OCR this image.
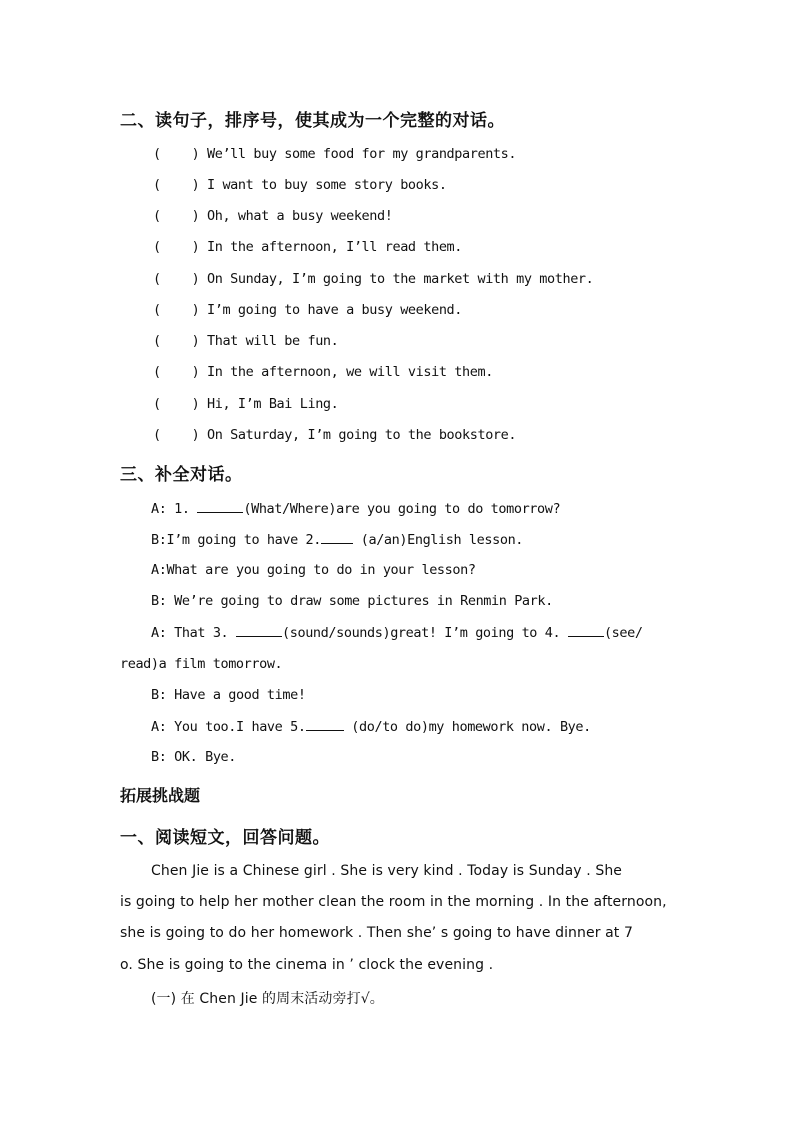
二、读句子，排序号，使其成为一个完整的对话。
( ) We’ll buy some food for my grandparents.
( ) I want to buy some story books.
( ) Oh, what a busy weekend!
( ) In the afternoon, I’ll read them.
( ) On Sunday, I’m going to the market with my mother.
( ) I’m going to have a busy weekend.
( ) That will be fun.
( ) In the afternoon, we will visit them.
( ) Hi, I’m Bai Ling.
( ) On Saturday, I’m going to the bookstore.
三、补全对话。
A: 1.	(What/Where)are you going to do tomorrow?
B:I’m going to have 2. (a/an)English lesson.
A:What are you going to do in your lesson?
B: We’re going to draw some pictures in Renmin Park.
A: That 3.	(sound/sounds)great! I’m going to 4.	(see/
read)a film tomorrow.
B: Have a good time!
A: You too.I have 5.	(do/to do)my homework now. Bye.
B: OK. Bye.
拓展挑战题
一、阅读短文，回答问题。
Chen Jie is a Chinese girl . She is very kind . Today is Sunday . She
is going to help her mother clean the room in the morning . In the afternoon,
she is going to do her homework . Then she’ s going to have dinner at 7
o. She is going to the cinema in ’ clock the evening .
(一) 在 Chen Jie 的周末活动旁打√。
